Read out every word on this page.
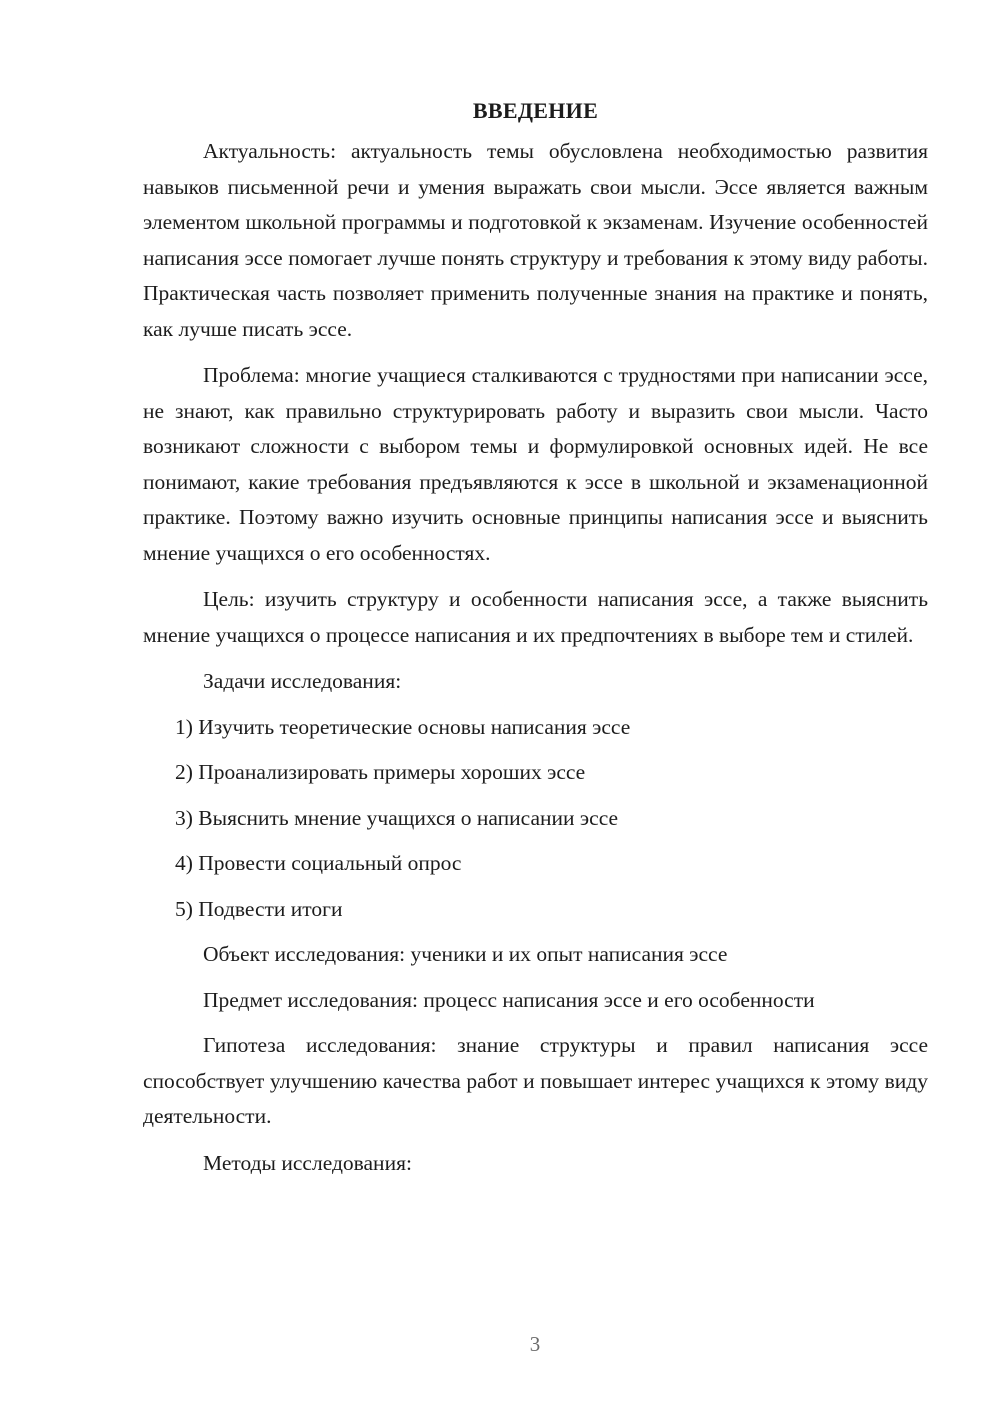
ВВЕДЕНИЕ

Актуальность: актуальность темы обусловлена необходимостью развития навыков письменной речи и умения выражать свои мысли. Эссе является важным элементом школьной программы и подготовкой к экзаменам. Изучение особенностей написания эссе помогает лучше понять структуру и требования к этому виду работы. Практическая часть позволяет применить полученные знания на практике и понять, как лучше писать эссе.

Проблема: многие учащиеся сталкиваются с трудностями при написании эссе, не знают, как правильно структурировать работу и выразить свои мысли. Часто возникают сложности с выбором темы и формулировкой основных идей. Не все понимают, какие требования предъявляются к эссе в школьной и экзаменационной практике. Поэтому важно изучить основные принципы написания эссе и выяснить мнение учащихся о его особенностях.

Цель: изучить структуру и особенности написания эссе, а также выяснить мнение учащихся о процессе написания и их предпочтениях в выборе тем и стилей.

Задачи исследования:
1) Изучить теоретические основы написания эссе
2) Проанализировать примеры хороших эссе
3) Выяснить мнение учащихся о написании эссе
4) Провести социальный опрос
5) Подвести итоги
Объект исследования: ученики и их опыт написания эссе
Предмет исследования: процесс написания эссе и его особенности

Гипотеза исследования: знание структуры и правил написания эссе способствует улучшению качества работ и повышает интерес учащихся к этому виду деятельности.

Методы исследования:
3
